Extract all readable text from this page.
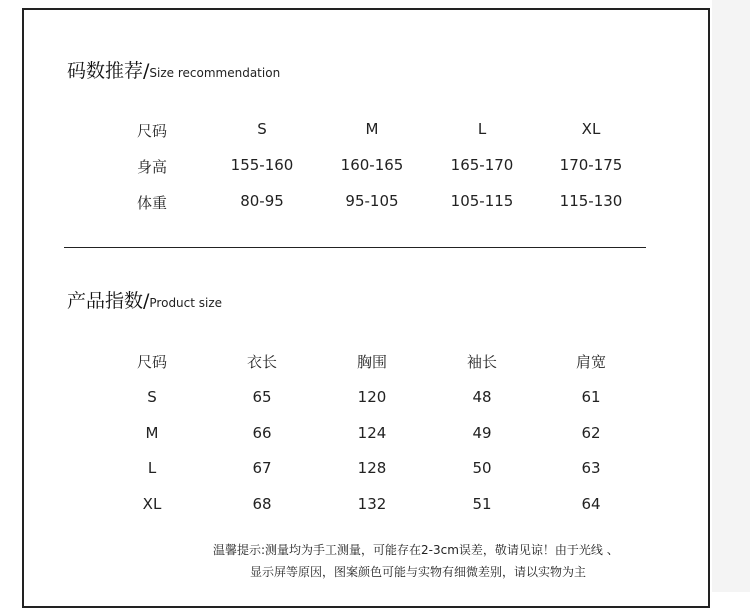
码数推荐/ Size recommendation
尺码	S	M	L	XL
身高	155-160	160-165	165-170	170-175
体重	80-95	95-105	105-115	115-130
产品指数/ Product size
尺码	衣长	胸围	袖长	肩宽
S	65	120	48	61
M	66	124	49	62
L	67	128	50	63
XL	68	132	51	64
温馨提示:测量均为手工测量，可能存在2-3cm误差，敬请见谅！由于光线 、
显示屏等原因，图案颜色可能与实物有细微差别，请以实物为主
